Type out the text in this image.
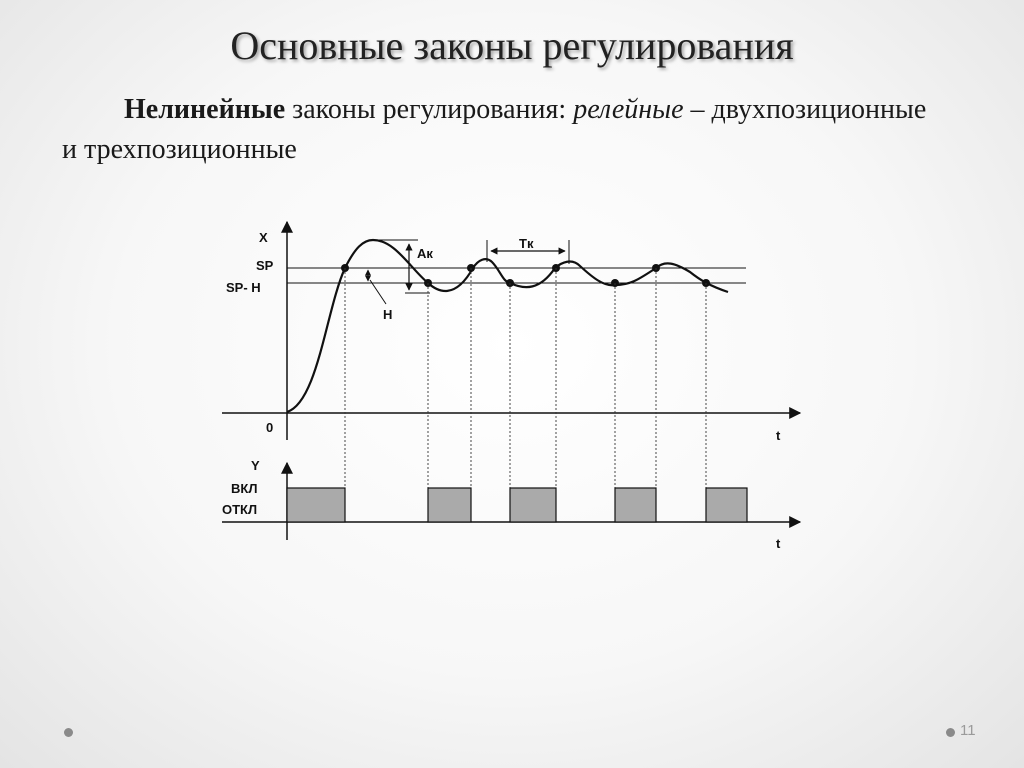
Основные законы регулирования

Нелинейные законы регулирования: релейные – двухпозиционные и трехпозиционные

X
t
0
SP
SP- H
H
Aк
Tк
Y
ВКЛ
ОТКЛ
t
11
